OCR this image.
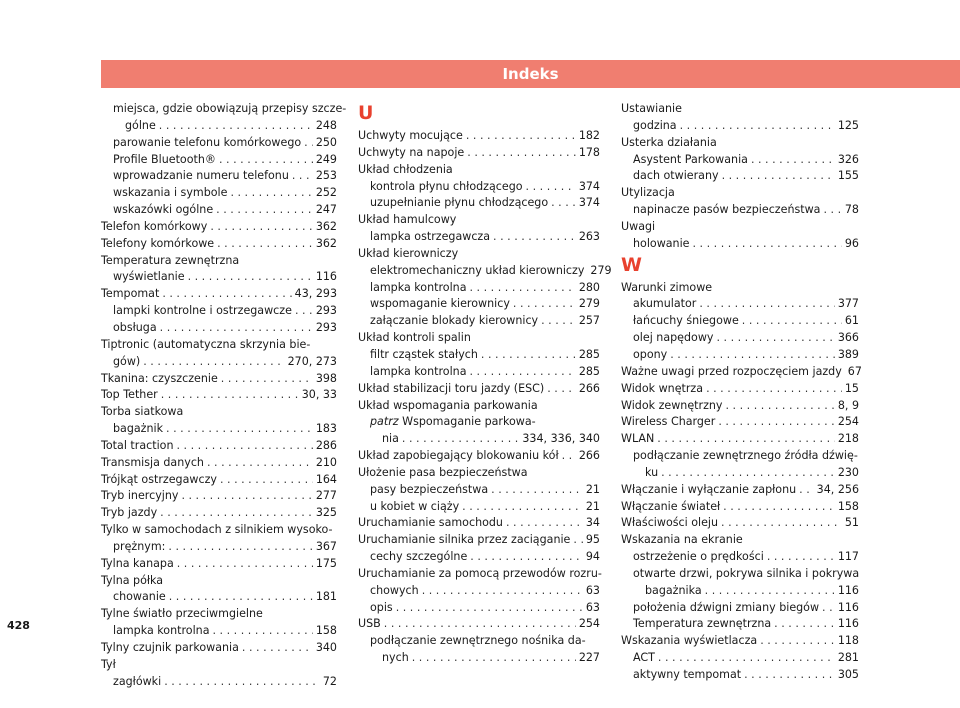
Indeks
miejsca, gdzie obowiązują przepisy szcze-
gólne . . .	248
parowanie telefonu komórkowego . . . 250
Profile Bluetooth® . . .	249
wprowadzanie numeru telefonu . . . 253
wskazania i symbole . . .	252
wskazówki ogólne . . .	247
Telefon komórkowy . . .	362
Telefony komórkowe . . .	362
Temperatura zewnętrzna
wyświetlanie . . .	116
Tempomat . . .	43, 293
lampki kontrolne i ostrzegawcze . . . 293
obsługa . . .	293
Tiptronic (automatyczna skrzynia bie-
gów) . . .	270, 273
Tkanina: czyszczenie . . .	398
Top Tether . . .	30, 33
Torba siatkowa
bagażnik . . .	183
Total traction . . .	286
Transmisja danych . . .	210
Trójkąt ostrzegawczy . . .	164
Tryb inercyjny . . .	277
Tryb jazdy . . .	325
Tylko w samochodach z silnikiem wysoko-
prężnym: . . .	367
Tylna kanapa . . .	175
Tylna półka
chowanie . . .	181
Tylne światło przeciwmgielne
lampka kontrolna . . .	158
Tylny czujnik parkowania . . .	340
Tył
zagłówki . . .	72
U
Uchwyty mocujące . . .	182
Uchwyty na napoje . . .	178
Układ chłodzenia
kontrola płynu chłodzącego . . .	374
uzupełnianie płynu chłodzącego . . .	374
Układ hamulcowy
lampka ostrzegawcza . . .	263
Układ kierowniczy
elektromechaniczny układ kierowniczy 279
lampka kontrolna . . .	280
wspomaganie kierownicy . . .	279
załączanie blokady kierownicy . . .	257
Układ kontroli spalin
filtr cząstek stałych . . .	285
lampka kontrolna . . .	285
Układ stabilizacji toru jazdy (ESC) . . .	266
Układ wspomagania parkowania
patrz Wspomaganie parkowa-
nia . . .	334, 336, 340
Układ zapobiegający blokowaniu kół . . . 266
Ułożenie pasa bezpieczeństwa
pasy bezpieczeństwa . . .	21
u kobiet w ciąży . . .	21
Uruchamianie samochodu . . .	34
Uruchamianie silnika przez zaciąganie . . . 95
cechy szczególne . . .	94
Uruchamianie za pomocą przewodów rozru-
chowych . . .	63
opis . . .	63
USB . . .	254
podłączanie zewnętrznego nośnika da-
nych . . .	227
Ustawianie
godzina . . .	125
Usterka działania
Asystent Parkowania . . .	326
dach otwierany . . .	155
Utylizacja
napinacze pasów bezpieczeństwa . . . 78
Uwagi
holowanie . . .	96
W
Warunki zimowe
akumulator . . .	377
łańcuchy śniegowe . . .	61
olej napędowy . . .	366
opony . . .	389
Ważne uwagi przed rozpoczęciem jazdy 67
Widok wnętrza . . .	15
Widok zewnętrzny . . .	8, 9
Wireless Charger . . .	254
WLAN . . .	218
podłączanie zewnętrznego źródła dźwię-
ku . . .	230
Włączanie i wyłączanie zapłonu . . . 34, 256
Włączanie świateł . . .	158
Właściwości oleju . . .	51
Wskazania na ekranie
ostrzeżenie o prędkości . . .	117
otwarte drzwi, pokrywa silnika i pokrywa
bagażnika . . .	116
położenia dźwigni zmiany biegów . . . 116
Temperatura zewnętrzna . . .	116
Wskazania wyświetlacza . . .	118
ACT . . .	281
aktywny tempomat . . .	305
428
